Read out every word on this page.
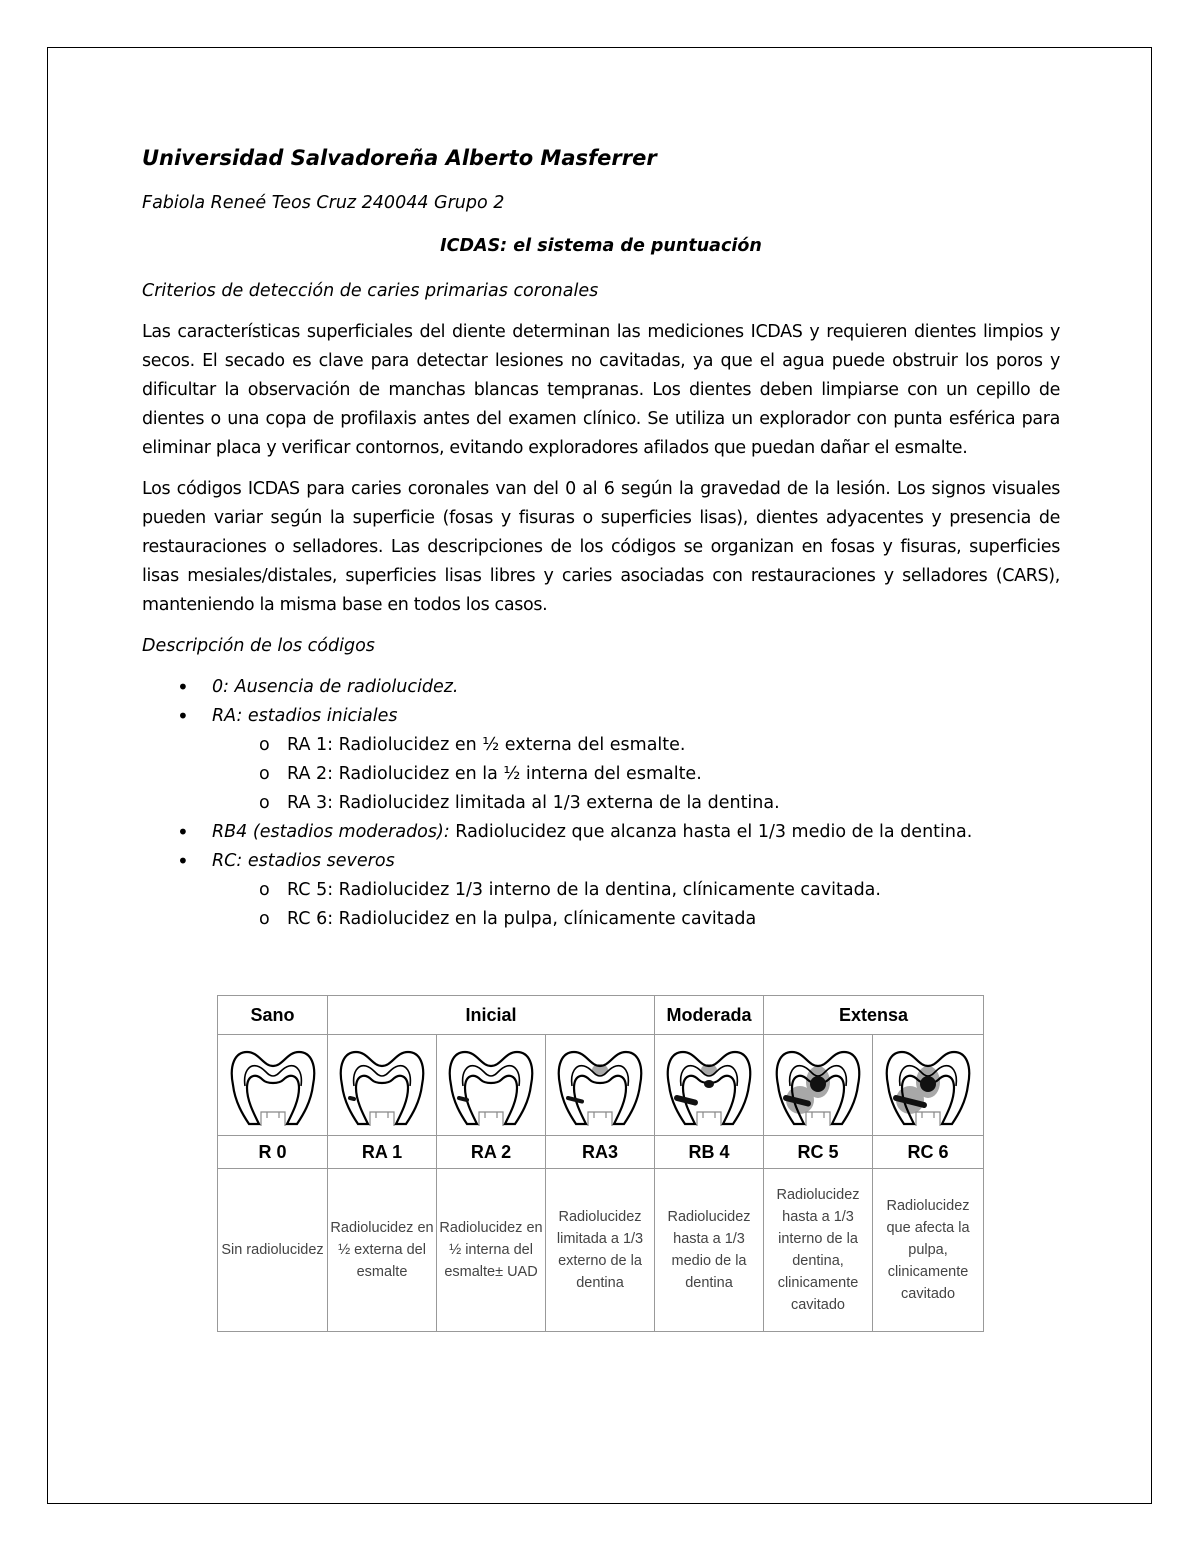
Universidad Salvadoreña Alberto Masferrer

Fabiola Reneé Teos Cruz 240044 Grupo 2

ICDAS: el sistema de puntuación

Criterios de detección de caries primarias coronales

Las características superficiales del diente determinan las mediciones ICDAS y requieren dientes limpios y secos. El secado es clave para detectar lesiones no cavitadas, ya que el agua puede obstruir los poros y dificultar la observación de manchas blancas tempranas. Los dientes deben limpiarse con un cepillo de dientes o una copa de profilaxis antes del examen clínico. Se utiliza un explorador con punta esférica para eliminar placa y verificar contornos, evitando exploradores afilados que puedan dañar el esmalte.

Los códigos ICDAS para caries coronales van del 0 al 6 según la gravedad de la lesión. Los signos visuales pueden variar según la superficie (fosas y fisuras o superficies lisas), dientes adyacentes y presencia de restauraciones o selladores. Las descripciones de los códigos se organizan en fosas y fisuras, superficies lisas mesiales/distales, superficies lisas libres y caries asociadas con restauraciones y selladores (CARS), manteniendo la misma base en todos los casos.

Descripción de los códigos

• 0: Ausencia de radiolucidez.
• RA: estadios iniciales
o RA 1: Radiolucidez en ½ externa del esmalte.
o RA 2: Radiolucidez en la ½ interna del esmalte.
o RA 3: Radiolucidez limitada al 1/3 externa de la dentina.
• RB4 (estadios moderados): Radiolucidez que alcanza hasta el 1/3 medio de la dentina.
• RC: estadios severos
o RC 5: Radiolucidez 1/3 interno de la dentina, clínicamente cavitada.
o RC 6: Radiolucidez en la pulpa, clínicamente cavitada
Sano	Inicial			Moderada	Extensa	

R 0	RA 1	RA 2	RA3	RB 4	RC 5	RC 6
Sin radiolucidez	Radiolucidez en ½ externa del esmalte	Radiolucidez en ½ interna del esmalte± UAD	Radiolucidez limitada a 1/3 externo de la dentina	Radiolucidez hasta a 1/3 medio de la dentina	Radiolucidez hasta a 1/3 interno de la dentina, clinicamente cavitado	Radiolucidez que afecta la pulpa, clinicamente cavitado
